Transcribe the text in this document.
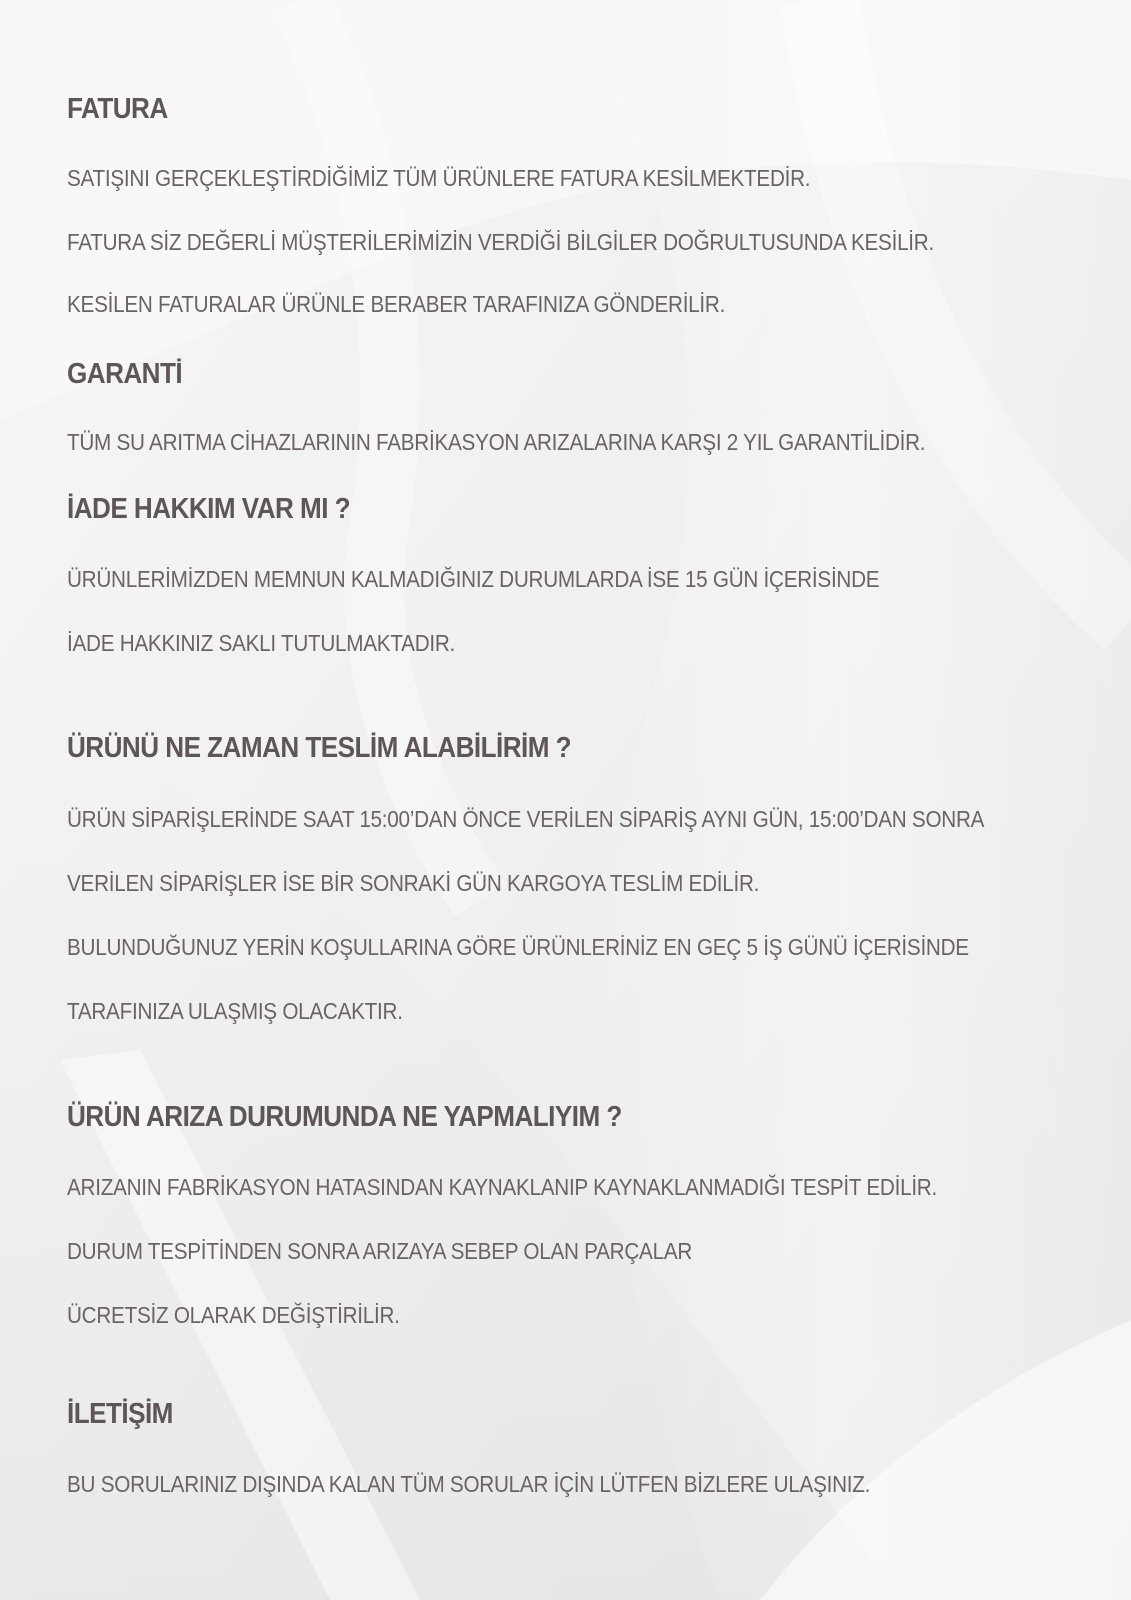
FATURA

SATIŞINI GERÇEKLEŞTİRDİĞİMİZ TÜM ÜRÜNLERE FATURA KESİLMEKTEDİR.

FATURA SİZ DEĞERLİ MÜŞTERİLERİMİZİN VERDİĞİ BİLGİLER DOĞRULTUSUNDA KESİLİR.

KESİLEN FATURALAR ÜRÜNLE BERABER TARAFINIZA GÖNDERİLİR.

GARANTİ

TÜM SU ARITMA CİHAZLARININ FABRİKASYON ARIZALARINA KARŞI 2 YIL GARANTİLİDİR.

İADE HAKKIM VAR MI ?

ÜRÜNLERİMİZDEN MEMNUN KALMADIĞINIZ DURUMLARDA İSE 15 GÜN İÇERİSİNDE

İADE HAKKINIZ SAKLI TUTULMAKTADIR.

ÜRÜNÜ NE ZAMAN TESLİM ALABİLİRİM ?

ÜRÜN SİPARİŞLERİNDE SAAT 15:00’DAN ÖNCE VERİLEN SİPARİŞ AYNI GÜN, 15:00’DAN SONRA

VERİLEN SİPARİŞLER İSE BİR SONRAKİ GÜN KARGOYA TESLİM EDİLİR.

BULUNDUĞUNUZ YERİN KOŞULLARINA GÖRE ÜRÜNLERİNİZ EN GEÇ 5 İŞ GÜNÜ İÇERİSİNDE

TARAFINIZA ULAŞMIŞ OLACAKTIR.

ÜRÜN ARIZA DURUMUNDA NE YAPMALIYIM ?

ARIZANIN FABRİKASYON HATASINDAN KAYNAKLANIP KAYNAKLANMADIĞI TESPİT EDİLİR.

DURUM TESPİTİNDEN SONRA ARIZAYA SEBEP OLAN PARÇALAR

ÜCRETSİZ OLARAK DEĞİŞTİRİLİR.

İLETİŞİM

BU SORULARINIZ DIŞINDA KALAN TÜM SORULAR İÇİN LÜTFEN BİZLERE ULAŞINIZ.
